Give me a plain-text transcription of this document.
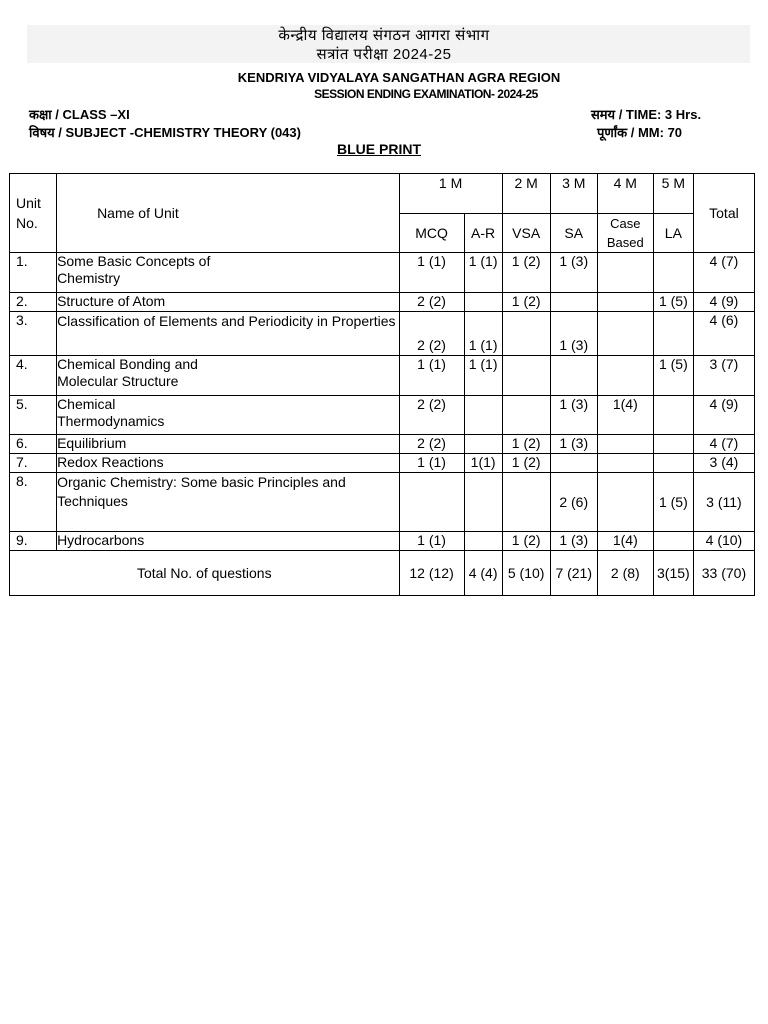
केन्द्रीय विद्यालय संगठन आगरा संभाग
सत्रांत परीक्षा 2024-25
KENDRIYA VIDYALAYA SANGATHAN AGRA REGION
SESSION ENDING EXAMINATION- 2024-25
कक्षा / CLASS –XI	समय / TIME: 3 Hrs.
विषय / SUBJECT -CHEMISTRY THEORY (043)	पूर्णांक / MM: 70
BLUE PRINT
Unit No.	Name of Unit	1 M		2 M	3 M	4 M	5 M	Total
		MCQ	A-R	VSA	SA	Case Based	LA	
1.	Some Basic Concepts of Chemistry	1 (1)	1 (1)	1 (2)	1 (3)			4 (7)
2.	Structure of Atom	2 (2)		1 (2)			1 (5)	4 (9)
3.	Classification of Elements and Periodicity in Properties	2 (2)	1 (1)		1 (3)			4 (6)
4.	Chemical Bonding and Molecular Structure	1 (1)	1 (1)				1 (5)	3 (7)
5.	Chemical Thermodynamics	2 (2)			1 (3)	1(4)		4 (9)
6.	Equilibrium	2 (2)		1 (2)	1 (3)			4 (7)
7.	Redox Reactions	1 (1)	1(1)	1 (2)				3 (4)
8.	Organic Chemistry: Some basic Principles and Techniques				2 (6)		1 (5)	3 (11)
9.	Hydrocarbons	1 (1)		1 (2)	1 (3)	1(4)		4 (10)
Total No. of questions		12 (12)	4 (4)	5 (10)	7 (21)	2 (8)	3(15)	33 (70)
